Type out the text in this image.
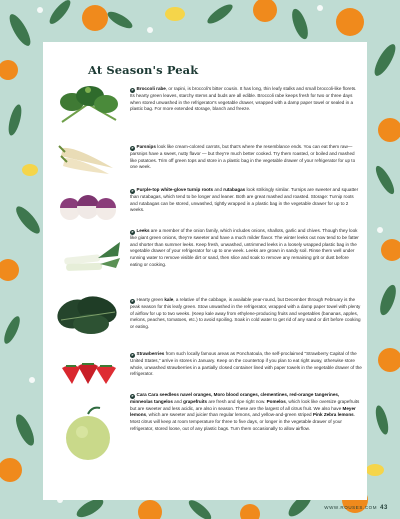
At Season's Peak

➤ Broccoli rabe, or rapini, is broccoli's bitter cousin. It has long, thin leafy stalks and small broccoli-like florets. Its hearty green leaves, starchy stems and buds are all edible. Broccoli rabe keeps fresh for two or three days when stored unwashed in the refrigerator's vegetable drawer, wrapped with a damp paper towel or sealed in a plastic bag. For more extended storage, blanch and freeze.

➤ Parsnips look like cream-colored carrots, but that's where the resemblance ends. You can eat them raw—parsnips have a sweet, nutty flavor — but they're much better cooked. Try them roasted, or boiled and mashed like potatoes. Trim off green tops and store in a plastic bag in the vegetable drawer of your refrigerator for up to one week.

➤ Purple-top white-glove turnip roots and rutabagas look strikingly similar. Turnips are sweeter and squatter than rutabagas, which tend to be longer and leaner. Both are great mashed and roasted. Storage: Turnip roots and rutabagas can be stored, unwashed, tightly wrapped in a plastic bag in the vegetable drawer for up to 2 weeks.

➤ Leeks are a member of the onion family, which includes onions, shallots, garlic and chives. Though they look like giant green onions, they're sweeter and have a much milder flavor. The winter leeks out now tend to be fatter and shorter than summer leeks. Keep fresh, unwashed, untrimmed leeks in a loosely wrapped plastic bag in the vegetable drawer of your refrigerator for up to one week. Leeks are grown in sandy soil. Rinse them well under running water to remove visible dirt or sand, then slice and soak to remove any remaining grit or dust before eating or cooking.

➤ Hearty green kale, a relative of the cabbage, is available year-round, but December through February is the peak season for this leafy green. Stow unwashed in the refrigerator, wrapped with a damp paper towel with plenty of airflow for up to two weeks. (Keep kale away from ethylene-producing fruits and vegetables (bananas, apples, melons, peaches, tomatoes, etc.) to avoid spoiling. Soak in cold water to get rid of any sand or dirt before cooking or eating.

➤ Strawberries from such locally famous areas as Ponchatoula, the self-proclaimed "Strawberry Capital of the United States," arrive in stores in January. Keep on the countertop if you plan to eat right away, otherwise store whole, unwashed strawberries in a partially closed container lined with paper towels in the vegetable drawer of the refrigerator.

➤ Cara Cara seedless navel oranges, Moro blood oranges, clementines, red-orange tangerines, minneolas tangelos and grapefruits are fresh and ripe right now. Pomelos, which look like oversize grapefruits but are sweeter and less acidic, are also in season. These are the largest of all citrus fruit. We also have Meyer lemons, which are sweeter and juicier than regular lemons, and yellow-and-green striped Pink Zebra lemons. Most citrus will keep at room temperature for three to five days, or longer in the vegetable drawer of your refrigerator, stored loose, out of any plastic bags. Turn them occasionally to allow airflow.

WWW.ROUSES.COM 43
